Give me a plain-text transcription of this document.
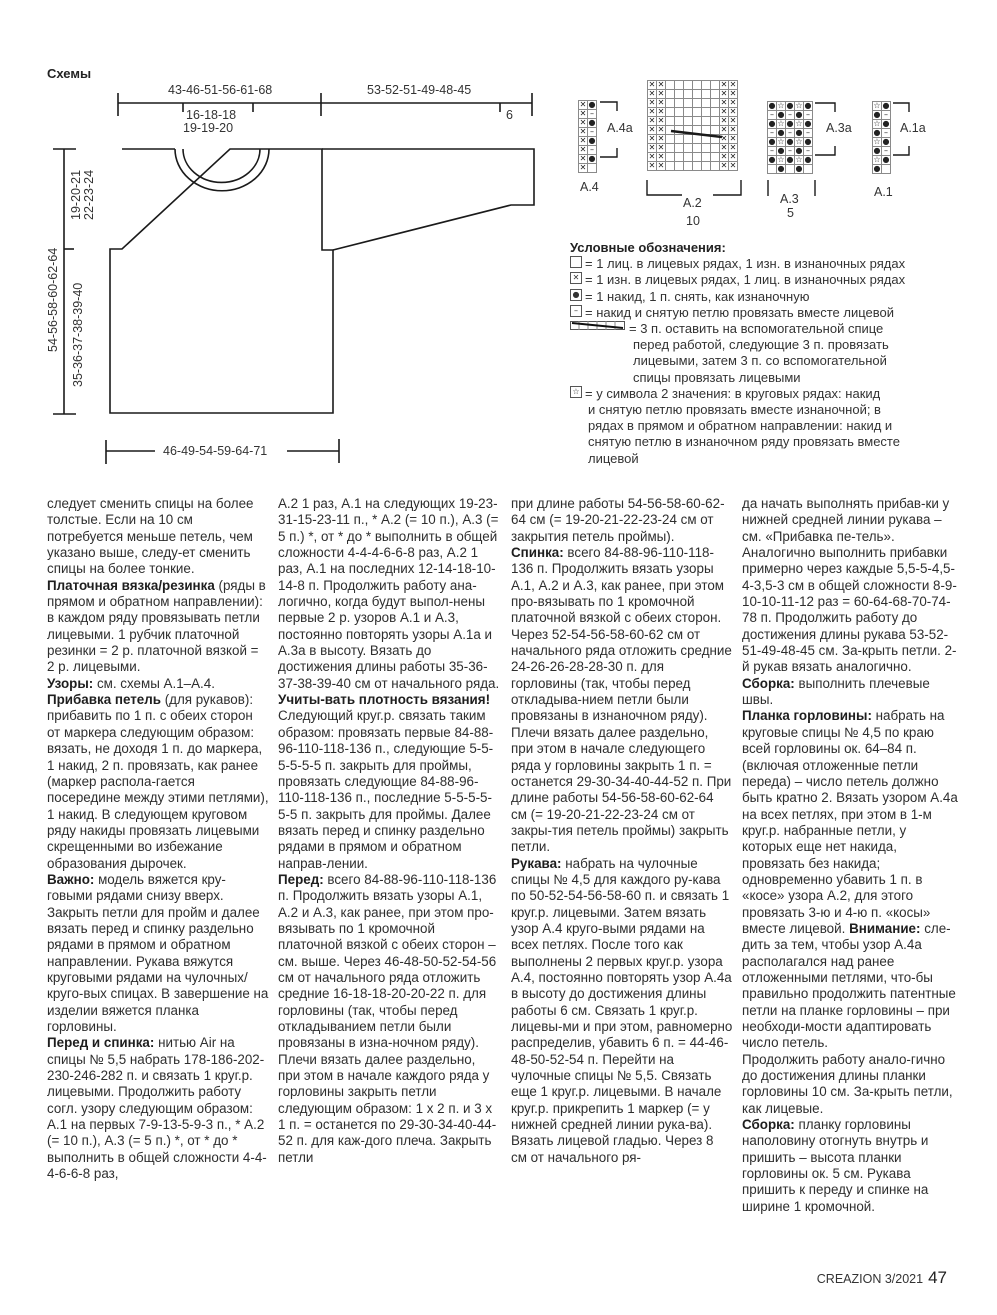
Схемы
43-46-51-56-61-68	53-52-51-49-48-45
16-18-18
19-19-20
6
19-20-21 22-23-24
54-56-58-60-62-64 35-36-37-38-39-40
46-49-54-59-64-71
✕	●
✕	–
✕	●
✕	–
✕	●
✕	–
✕	●
✕	
✕	✕							✕	✕
✕	✕							✕	✕
✕	✕							✕	✕
✕	✕							✕	✕
✕	✕							✕	✕
✕	✕							✕	✕
✕	✕							✕	✕
✕	✕							✕	✕
✕	✕							✕	✕
✕	✕							✕	✕
●	☆	●	☆	●
–	●	–	●	–
●	☆	●	☆	●
–	●	–	●	–
●	☆	●	☆	●
–	●	–	●	–
●	☆	●	☆	●
	●		●	
☆	●
●	–
☆	●
●	–
☆	●
●	–
☆	●
●	
A.4a
A.4
A.2
10
A.3a
A.3
5
A.1a
A.1
Условные обозначения:
= 1 лиц. в лицевых рядах, 1 изн. в изнаночных рядах
✕ = 1 изн. в лицевых рядах, 1 лиц. в изнаночных рядах
● = 1 накид, 1 п. снять, как изнаночную
– = накид и снятую петлю провязать вместе лицевой
= 3 п. оставить на вспомогательной спице
перед работой, следующие 3 п. провязать
лицевыми, затем 3 п. со вспомогательной
спицы провязать лицевыми
☆ = у символа 2 значения: в круговых рядах: накид
и снятую петлю провязать вместе изнаночной; в
рядах в прямом и обратном направлении: накид и
снятую петлю в изнаночном ряду провязать вместе
лицевой

следует сменить спицы на более толстые. Если на 10 см потребуется меньше петель, чем указано выше, следу-ет сменить спицы на более тонкие.

Платочная вязка/резинка (ряды в прямом и обратном направлении): в каждом ряду провязывать петли лицевыми. 1 рубчик платочной резинки = 2 р. платочной вязкой = 2 р. лицевыми.

Узоры: см. схемы А.1–А.4.

Прибавка петель (для рукавов): прибавить по 1 п. с обеих сторон от маркера следующим образом: вязать, не доходя 1 п. до маркера, 1 накид, 2 п. провязать, как ранее (маркер распола-гается посередине между этими петлями), 1 накид. В следующем круговом ряду накиды провязать лицевыми скрещенными во избежание образования дырочек.

Важно: модель вяжется кру-говыми рядами снизу вверх. Закрыть петли для пройм и далее вязать перед и спинку раздельно рядами в прямом и обратном направлении. Рукава вяжутся круговыми рядами на чулочных/круго-вых спицах. В завершение на изделии вяжется планка горловины.

Перед и спинка: нитью Air на спицы № 5,5 набрать 178-186-202-230-246-282 п. и связать 1 круг.р. лицевыми. Продолжить работу согл. узору следующим образом: А.1 на первых 7-9-13-5-9-3 п., * А.2 (= 10 п.), А.3 (= 5 п.) *, от * до * выполнить в общей сложности 4-4-4-6-6-8 раз,

А.2 1 раз, А.1 на следующих 19-23-31-15-23-11 п., * А.2 (= 10 п.), А.3 (= 5 п.) *, от * до * выполнить в общей сложности 4-4-4-6-6-8 раз, А.2 1 раз, А.1 на последних 12-14-18-10-14-8 п. Продолжить работу ана-логично, когда будут выпол-нены первые 2 р. узоров А.1 и А.3, постоянно повторять узоры А.1а и А.3а в высоту. Вязать до достижения длины работы 35-36-37-38-39-40 см от начального ряда. Учиты-вать плотность вязания! Следующий круг.р. связать таким образом: провязать первые 84-88-96-110-118-136 п., следующие 5-5-5-5-5-5 п. закрыть для проймы, провязать следующие 84-88-96-110-118-136 п., последние 5-5-5-5-5-5 п. закрыть для проймы. Далее вязать перед и спинку раздельно рядами в прямом и обратном направ-лении.

Перед: всего 84-88-96-110-118-136 п. Продолжить вязать узоры А.1, А.2 и А.3, как ранее, при этом про-вязывать по 1 кромочной платочной вязкой с обеих сторон – см. выше. Через 46-48-50-52-54-56 см от начального ряда отложить средние 16-18-18-20-20-22 п. для горловины (так, чтобы перед откладыванием петли были провязаны в изна-ночном ряду). Плечи вязать далее раздельно, при этом в начале каждого ряда у горловины закрыть петли следующим образом: 1 х 2 п. и 3 х 1 п. = останется по 29-30-34-40-44-52 п. для каж-дого плеча. Закрыть петли

при длине работы 54-56-58-60-62-64 см (= 19-20-21-22-23-24 см от закрытия петель проймы).

Спинка: всего 84-88-96-110-118-136 п. Продолжить вязать узоры А.1, А.2 и А.3, как ранее, при этом про-вязывать по 1 кромочной платочной вязкой с обеих сторон. Через 52-54-56-58-60-62 см от начального ряда отложить средние 24-26-26-28-28-30 п. для горловины (так, чтобы перед откладыва-нием петли были провязаны в изнаночном ряду). Плечи вязать далее раздельно, при этом в начале следующего ряда у горловины закрыть 1 п. = останется 29-30-34-40-44-52 п. При длине работы 54-56-58-60-62-64 см (= 19-20-21-22-23-24 см от закры-тия петель проймы) закрыть петли.

Рукава: набрать на чулочные спицы № 4,5 для каждого ру-кава по 50-52-54-56-58-60 п. и связать 1 круг.р. лицевыми. Затем вязать узор А.4 круго-выми рядами на всех петлях. После того как выполнены 2 первых круг.р. узора А.4, постоянно повторять узор А.4а в высоту до достижения длины работы 6 см. Связать 1 круг.р. лицевы-ми и при этом, равномерно распределив, убавить 6 п. = 44-46-48-50-52-54 п. Перейти на чулочные спицы № 5,5. Связать еще 1 круг.р. лицевыми. В начале круг.р. прикрепить 1 маркер (= у нижней средней линии рука-ва). Вязать лицевой гладью. Через 8 см от начального ря-

да начать выполнять прибав-ки у нижней средней линии рукава – см. «Прибавка пе-тель». Аналогично выполнить прибавки примерно через каждые 5,5-5-4,5-4-3,5-3 см в общей сложности 8-9-10-10-11-12 раз = 60-64-68-70-74-78 п. Продолжить работу до достижения длины рукава 53-52-51-49-48-45 см. За-крыть петли. 2-й рукав вязать аналогично.

Сборка: выполнить плечевые швы.

Планка горловины: набрать на круговые спицы № 4,5 по краю всей горловины ок. 64–84 п. (включая отложенные петли переда) – число петель должно быть кратно 2. Вязать узором А.4а на всех петлях, при этом в 1-м круг.р. набранные петли, у которых еще нет накида, провязать без накида; одновременно убавить 1 п. в «косе» узора А.2, для этого провязать 3-ю и 4-ю п. «косы» вместе лицевой. Внимание: сле-дить за тем, чтобы узор А.4а располагался над ранее отложенными петлями, что-бы правильно продолжить патентные петли на планке горловины – при необходи-мости адаптировать число петель.

Продолжить работу анало-гично до достижения длины планки горловины 10 см. За-крыть петли, как лицевые.

Сборка: планку горловины наполовину отогнуть внутрь и пришить – высота планки горловины ок. 5 см. Рукава пришить к переду и спинке на ширине 1 кромочной.

CREAZION 3/2021 47
